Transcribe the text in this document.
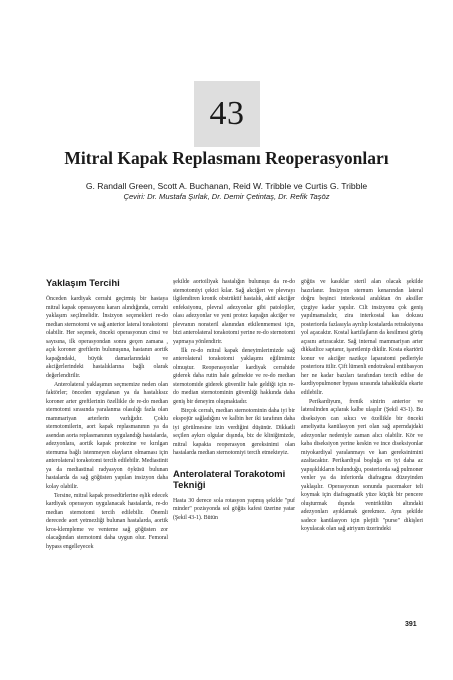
43
Mitral Kapak Replasmanı Reoperasyonları

G. Randall Green, Scott A. Buchanan, Reid W. Tribble ve Curtis G. Tribble

Çeviri: Dr. Mustafa Şırlak, Dr. Demir Çetintaş, Dr. Refik Taşöz

Yaklaşım Tercihi

Önceden kardiyak cerrahi geçirmiş bir hastaya mitral kapak operasyonu kararı alındığında, cerrahi yaklaşım seçilmelidir. İnsizyon seçenekleri re-do median sternotomi ve sağ anterior lateral torakotomi olabilir. Her seçenek, önceki operasyonun cinsi ve sayısına, ilk operasyondan sonra geçen zamana , açık koroner greftlerin bulunuşuna, hastanın aortik kapağındaki, büyük damarlarındaki ve akciğerlerindeki hastalıklarına bağlı olarak değerlendirilir.

Anterolateral yaklaşımın seçmemize neden olan faktörler; önceden uygulanan ya da hastalıksız koroner arter greftlerinin özellikle de re-do median sternotomi sırasında yaralanma olasılığı fazla olan mammariyan arterlerin varlığıdır. Çoklu sternotomilerin, aort kapak replasmanının ya da asendan aorta replasmanının uygulandığı hastalarda, adezyonlara, aortik kapak protezine ve kırılgan sternuma bağlı istenmeyen olayların olmaması için anterolateral torakotomi tercih edilebilir. Mediastinit ya da mediastinal radyasyon öyküsü bulunan hastalarda da sağ göğüsten yapılan insizyon daha kolay olabilir.

Tersine, mitral kapak prosedürlerine eşlik edecek kardiyak operasyon uygulanacak hastalarda, re-do median sternotomi tercih edilebilir. Önemli derecede aort yetmezliği bulunan hastalarda, aortik kros-klempleme ve venteme sağ göğüsten zor olacağından sternotomi daha uygun olur. Femoral hypass engelleyecek

şekilde aortoiliyak hastalığın bulunuşu da re-do sternotomiyi çekici kılar. Sağ akciğeri ve plevrayı ilgilendiren kronik obstrüktif hastalık, aktif akciğer enfeksiyonu, plevral adezyonlar gibi patolojiler, olası adezyonlar ve yeni protez kapağın akciğer ve plevranın nonsteril alanından etkilenmemesi için, bizi anterolateral torakotomi yerine re-do sternotomi yapmaya yönlendirir.

İlk re-do mitral kapak deneyimlerimizde sağ anterolateral torakotomi yaklaşımı eğilimimiz olmuştur. Reoperasyonlar kardiyak cerrahide giderek daha rutin hale gelmekte ve re-do median sternotomide giderek güvenilir hale geldiği için re-do median sternotominin güvenliği hakkında daha geniş bir deneyim oluşmaktadır.

Birçok cerrah, median sternotominin daha iyi bir ekspojür sağladığını ve kalbin her iki tarafının daha iyi görülmesine izin verdiğini düşünür. Dikkatli seçilen aykırı olgular dışında, biz de kliniğimizde, mitral kapakta reoperasyon gereksinimi olan hastalarda median sternotomiyi tercih etmekteyiz.

Anterolateral Torakotomi Tekniği

Hasta 30 derece sola rotasyon yapmış şekilde "puf minder" pozisyonda sol göğüs kafesi üzerine yatar (Şekil 43-1). Bütün

göğüs ve kasıklar steril alan olacak şekilde hazırlanır. İnsizyon sternum kenarından lateral doğru beşinci interkostal aralıktan ön aksiller çizgiye kadar yapılır. Cilt insizyonu çok geniş yapılmamalıdır, zira interkostal kas dokusu posteriorda fazlasıyla ayrılıp kostalarda retraksiyona yol açacaktır. Kostal kartilajların da kesilmesi görüş açısını artıracaktır. Sağ internal mammariyan arter dikkatlice saptanır, işaretlenip dikilir. Kosta ekartörü konur ve akciğer nazikçe laparatomi pedleriyle posteriora itilir. Çift lümenli endotrakeal entübasyon her ne kadar bazıları tarafından tercih edilse de kardiyopulmoner bypass sırasında tahakkukla ekarte edilebilir.

Perikardiyum, frenik sinirin anterior ve lateralinden açılarak kalbe ulaşılır (Şekil 43-1). Bu diseksiyon can sıkıcı ve özellikle bir önceki ameliyatta kanülasyon yeri olan sağ aperndajdaki adezyonlar nedeniyle zaman alıcı olabilir. Kör ve kaba diseksiyon yerine keskin ve ince diseksiyonlar miyokardiyal yaralanmayı ve kan gereksinimini azaltacaktır. Perikardiyal boşluğa en iyi daha az yapışıklıkların bulunduğu, posteriorda sağ pulmoner venler ya da inferiorda diafragma düzeyinden yaklaşılır. Operasyonun sonunda pacemaker teli koymak için diafragmatik yüze küçük bir pencere oluşturmak dışında ventrikülün altındaki adezyonları ayıklamak gerekmez. Aynı şekilde sadece kanülasyon için plejitli "purse" dikişleri koyulacak olan sağ atriyum üzerindeki

391
